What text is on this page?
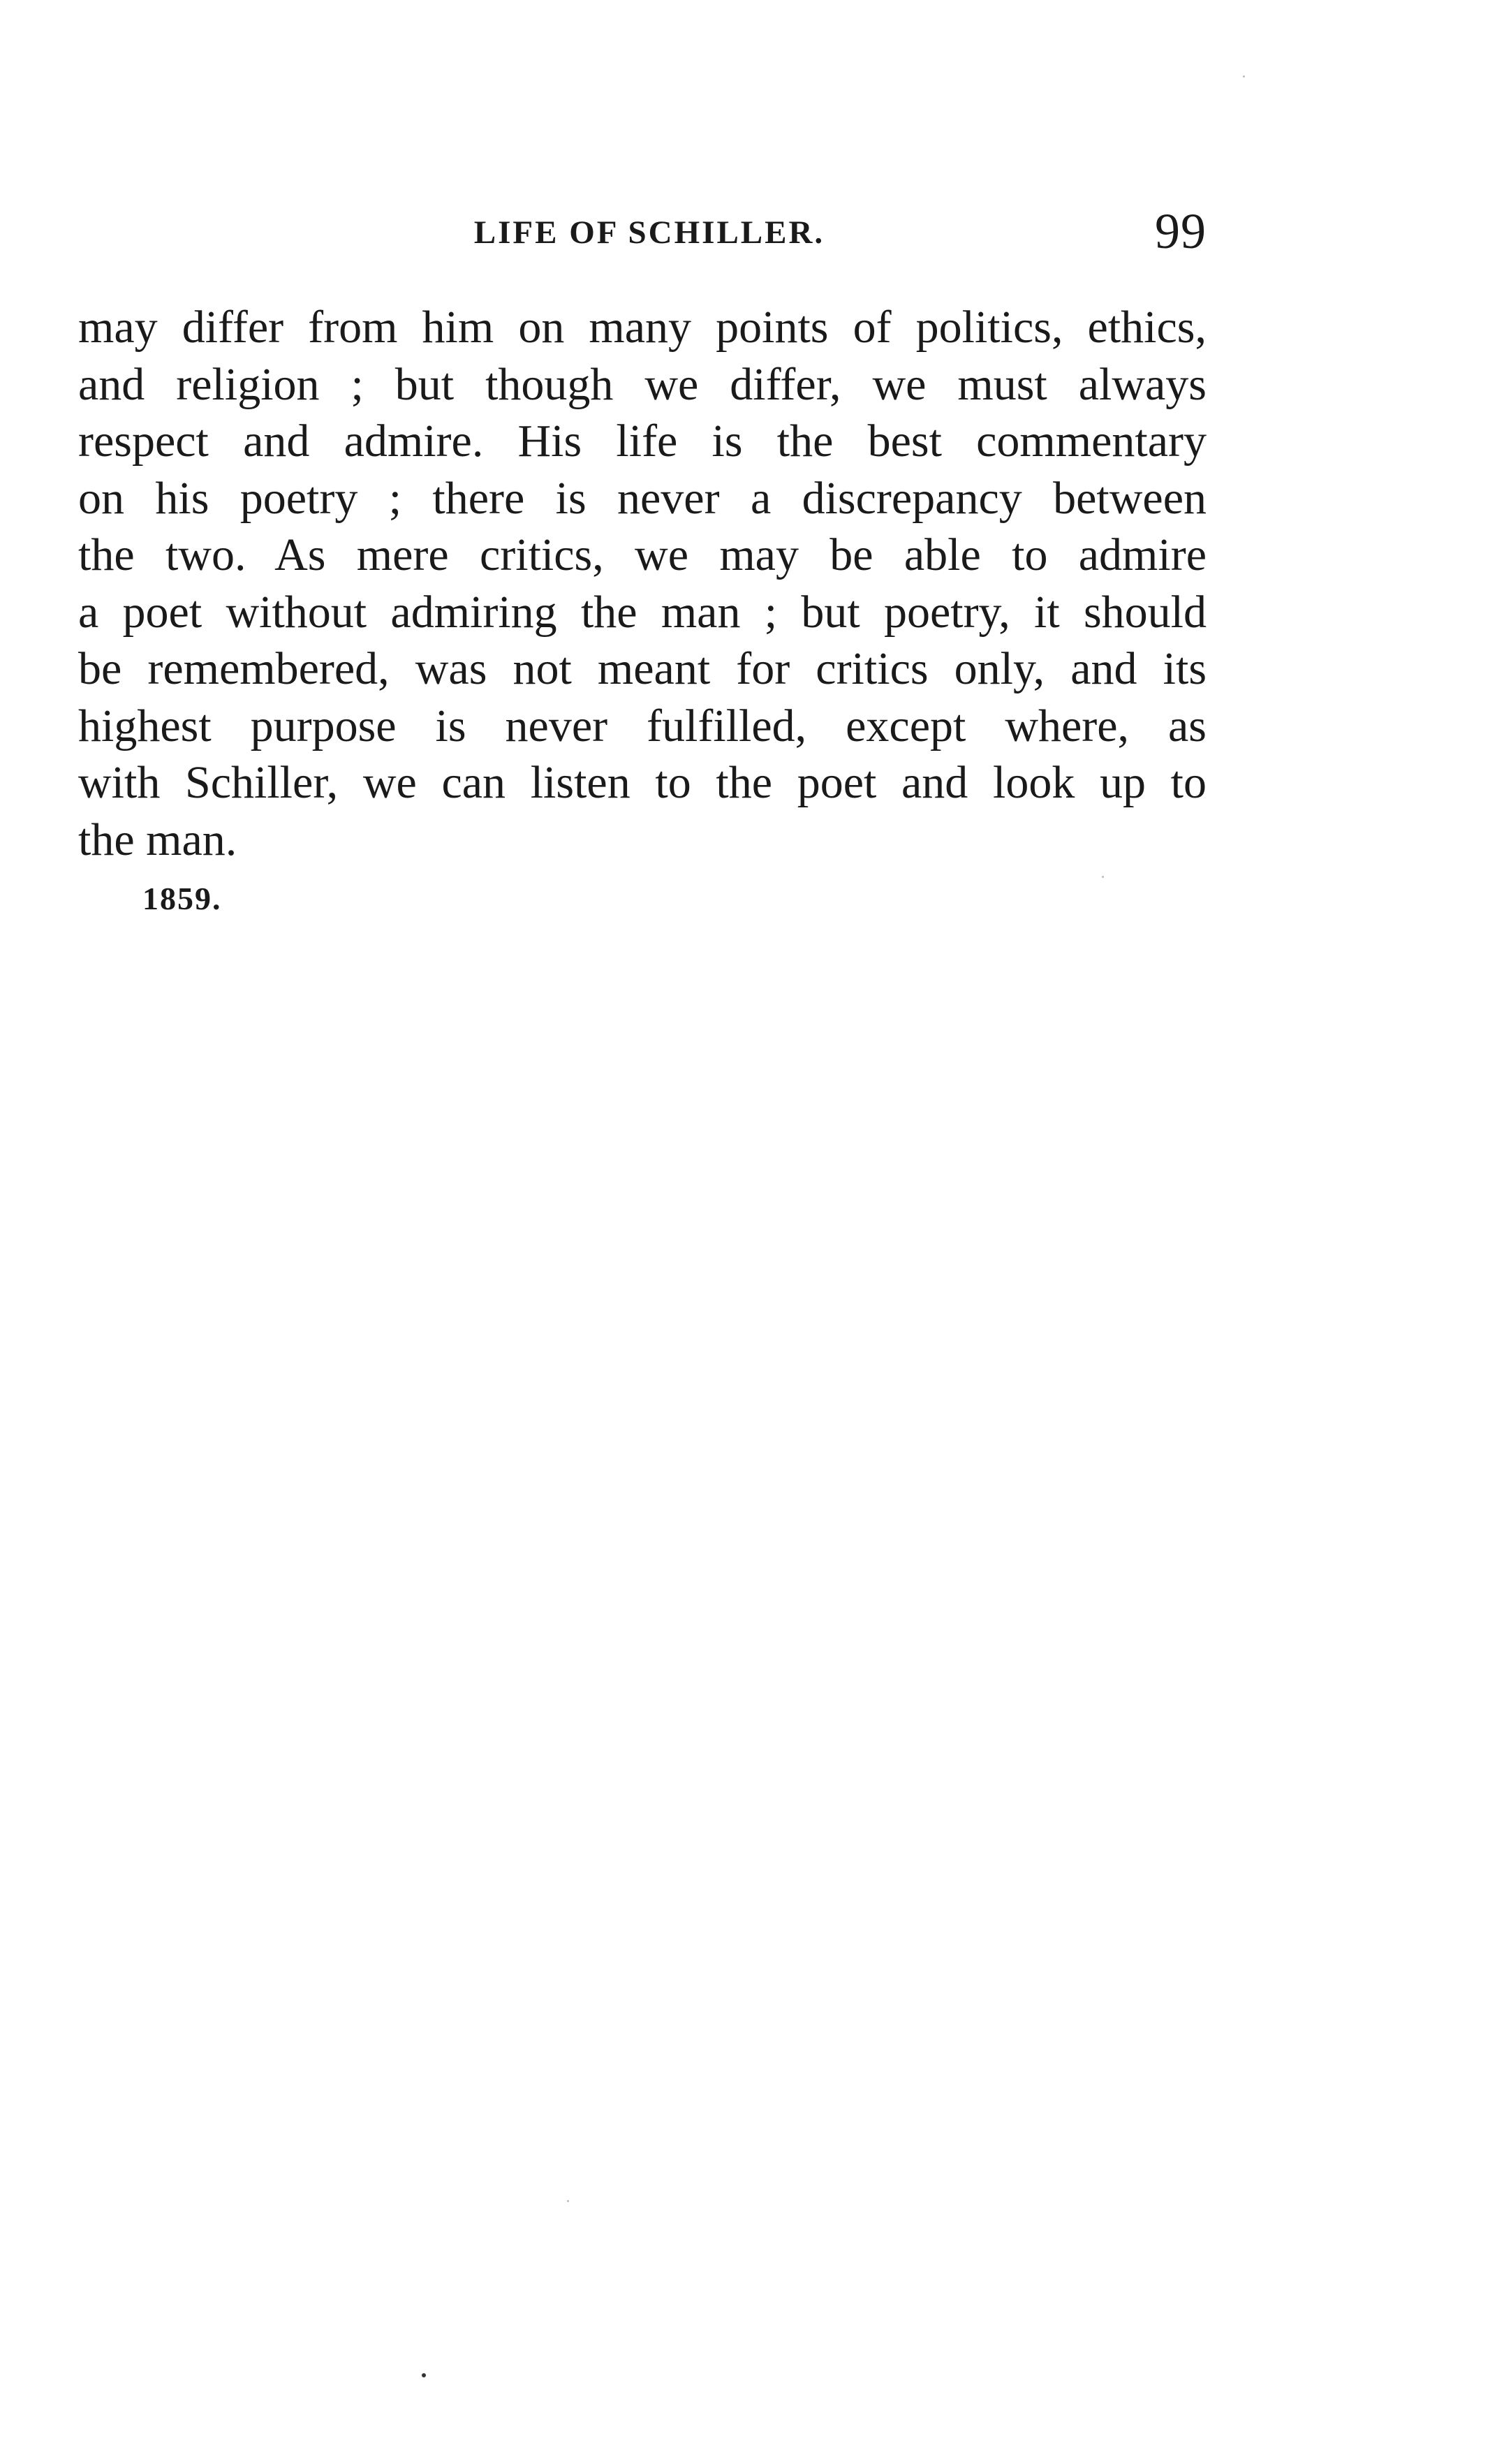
LIFE OF SCHILLER.	99
may differ from him on many points of politics, ethics,
and religion ; but though we differ, we must always
respect and admire. His life is the best commentary
on his poetry ; there is never a discrepancy between
the two. As mere critics, we may be able to admire
a poet without admiring the man ; but poetry, it should
be remembered, was not meant for critics only, and its
highest purpose is never fulfilled, except where, as
with Schiller, we can listen to the poet and look up to
the man.
1859.
